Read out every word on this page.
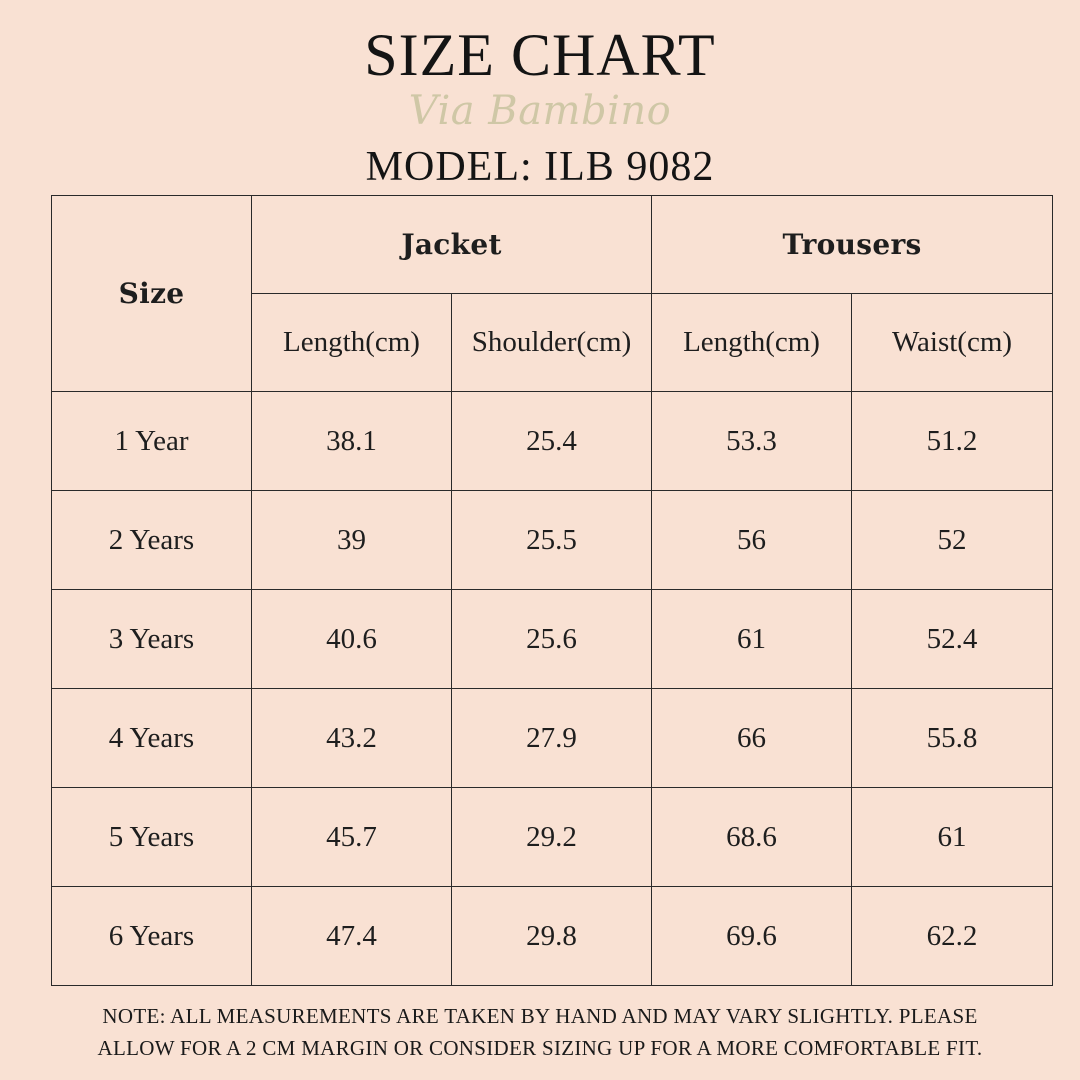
SIZE CHART
Via Bambino
MODEL: ILB 9082
Size	Jacket		Trousers	
	Length(cm)	Shoulder(cm)	Length(cm)	Waist(cm)
1 Year	38.1	25.4	53.3	51.2
2 Years	39	25.5	56	52
3 Years	40.6	25.6	61	52.4
4 Years	43.2	27.9	66	55.8
5 Years	45.7	29.2	68.6	61
6 Years	47.4	29.8	69.6	62.2
NOTE: ALL MEASUREMENTS ARE TAKEN BY HAND AND MAY VARY SLIGHTLY. PLEASE
ALLOW FOR A 2 CM MARGIN OR CONSIDER SIZING UP FOR A MORE COMFORTABLE FIT.
